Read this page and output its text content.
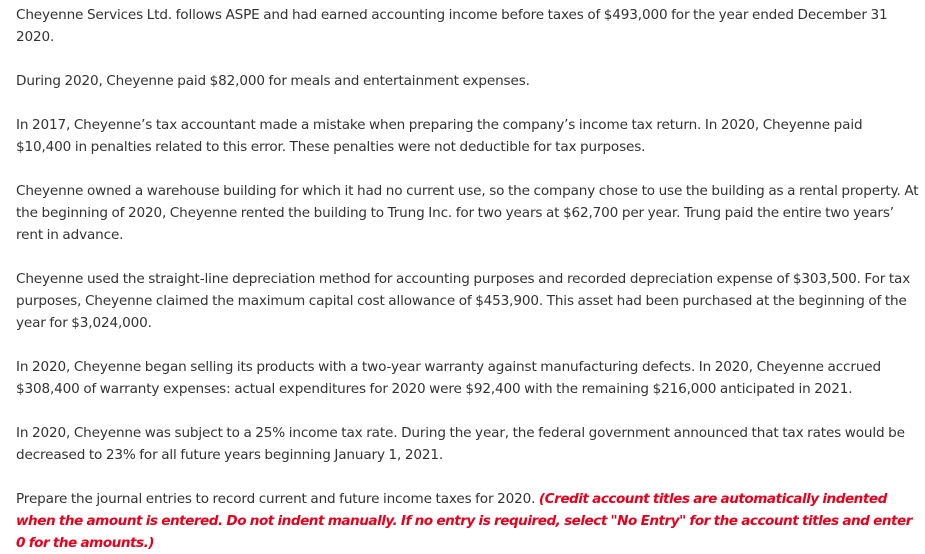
Cheyenne Services Ltd. follows ASPE and had earned accounting income before taxes of $493,000 for the year ended December 31 2020.

During 2020, Cheyenne paid $82,000 for meals and entertainment expenses.

In 2017, Cheyenne’s tax accountant made a mistake when preparing the company’s income tax return. In 2020, Cheyenne paid $10,400 in penalties related to this error. These penalties were not deductible for tax purposes.

Cheyenne owned a warehouse building for which it had no current use, so the company chose to use the building as a rental property. At the beginning of 2020, Cheyenne rented the building to Trung Inc. for two years at $62,700 per year. Trung paid the entire two years’ rent in advance.

Cheyenne used the straight-line depreciation method for accounting purposes and recorded depreciation expense of $303,500. For tax purposes, Cheyenne claimed the maximum capital cost allowance of $453,900. This asset had been purchased at the beginning of the year for $3,024,000.

In 2020, Cheyenne began selling its products with a two-year warranty against manufacturing defects. In 2020, Cheyenne accrued $308,400 of warranty expenses: actual expenditures for 2020 were $92,400 with the remaining $216,000 anticipated in 2021.

In 2020, Cheyenne was subject to a 25% income tax rate. During the year, the federal government announced that tax rates would be decreased to 23% for all future years beginning January 1, 2021.

Prepare the journal entries to record current and future income taxes for 2020. (Credit account titles are automatically indented when the amount is entered. Do not indent manually. If no entry is required, select "No Entry" for the account titles and enter 0 for the amounts.)
